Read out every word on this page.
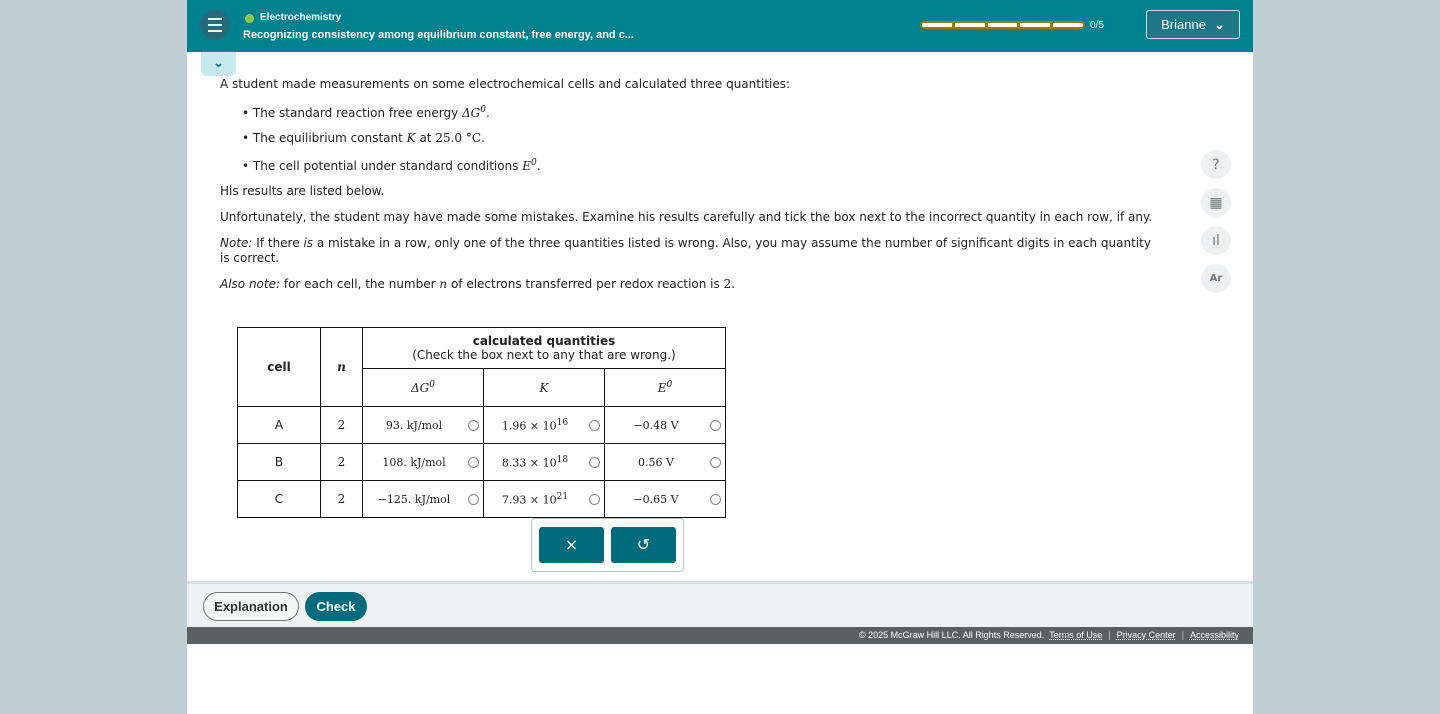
Electrochemistry
Recognizing consistency among equilibrium constant, free energy, and c...
0/5	Brianne ⌄
⌄

A student made measurements on some electrochemical cells and calculated three quantities:

• The standard reaction free energy $\Delta G^0$.
• The equilibrium constant K at 25.0 °C.
• The cell potential under standard conditions $E^0$.

His results are listed below.

Unfortunately, the student may have made some mistakes. Examine his results carefully and tick the box next to the incorrect quantity in each row, if any.

Note: If there is a mistake in a row, only one of the three quantities listed is wrong. Also, you may assume the number of significant digits in each quantity is correct.

Also note: for each cell, the number n of electrons transferred per redox reaction is 2.

?
▦
ıl
Ar
cell	n	calculated quantities
(Check the box next to any that are wrong.)		
		$\Delta G^0$	K	$E^0$
A	2	93. kJ/mol	$1.96 \times 10^{16}$	−0.48 V

B	2	108. kJ/mol	$8.33 \times 10^{18}$	0.56 V

C	2	−125. kJ/mol	$7.93 \times 10^{21}$	−0.65 V
×	↺
Explanation	Check
© 2025 McGraw Hill LLC. All Rights Reserved. Terms of Use | Privacy Center | Accessibility
